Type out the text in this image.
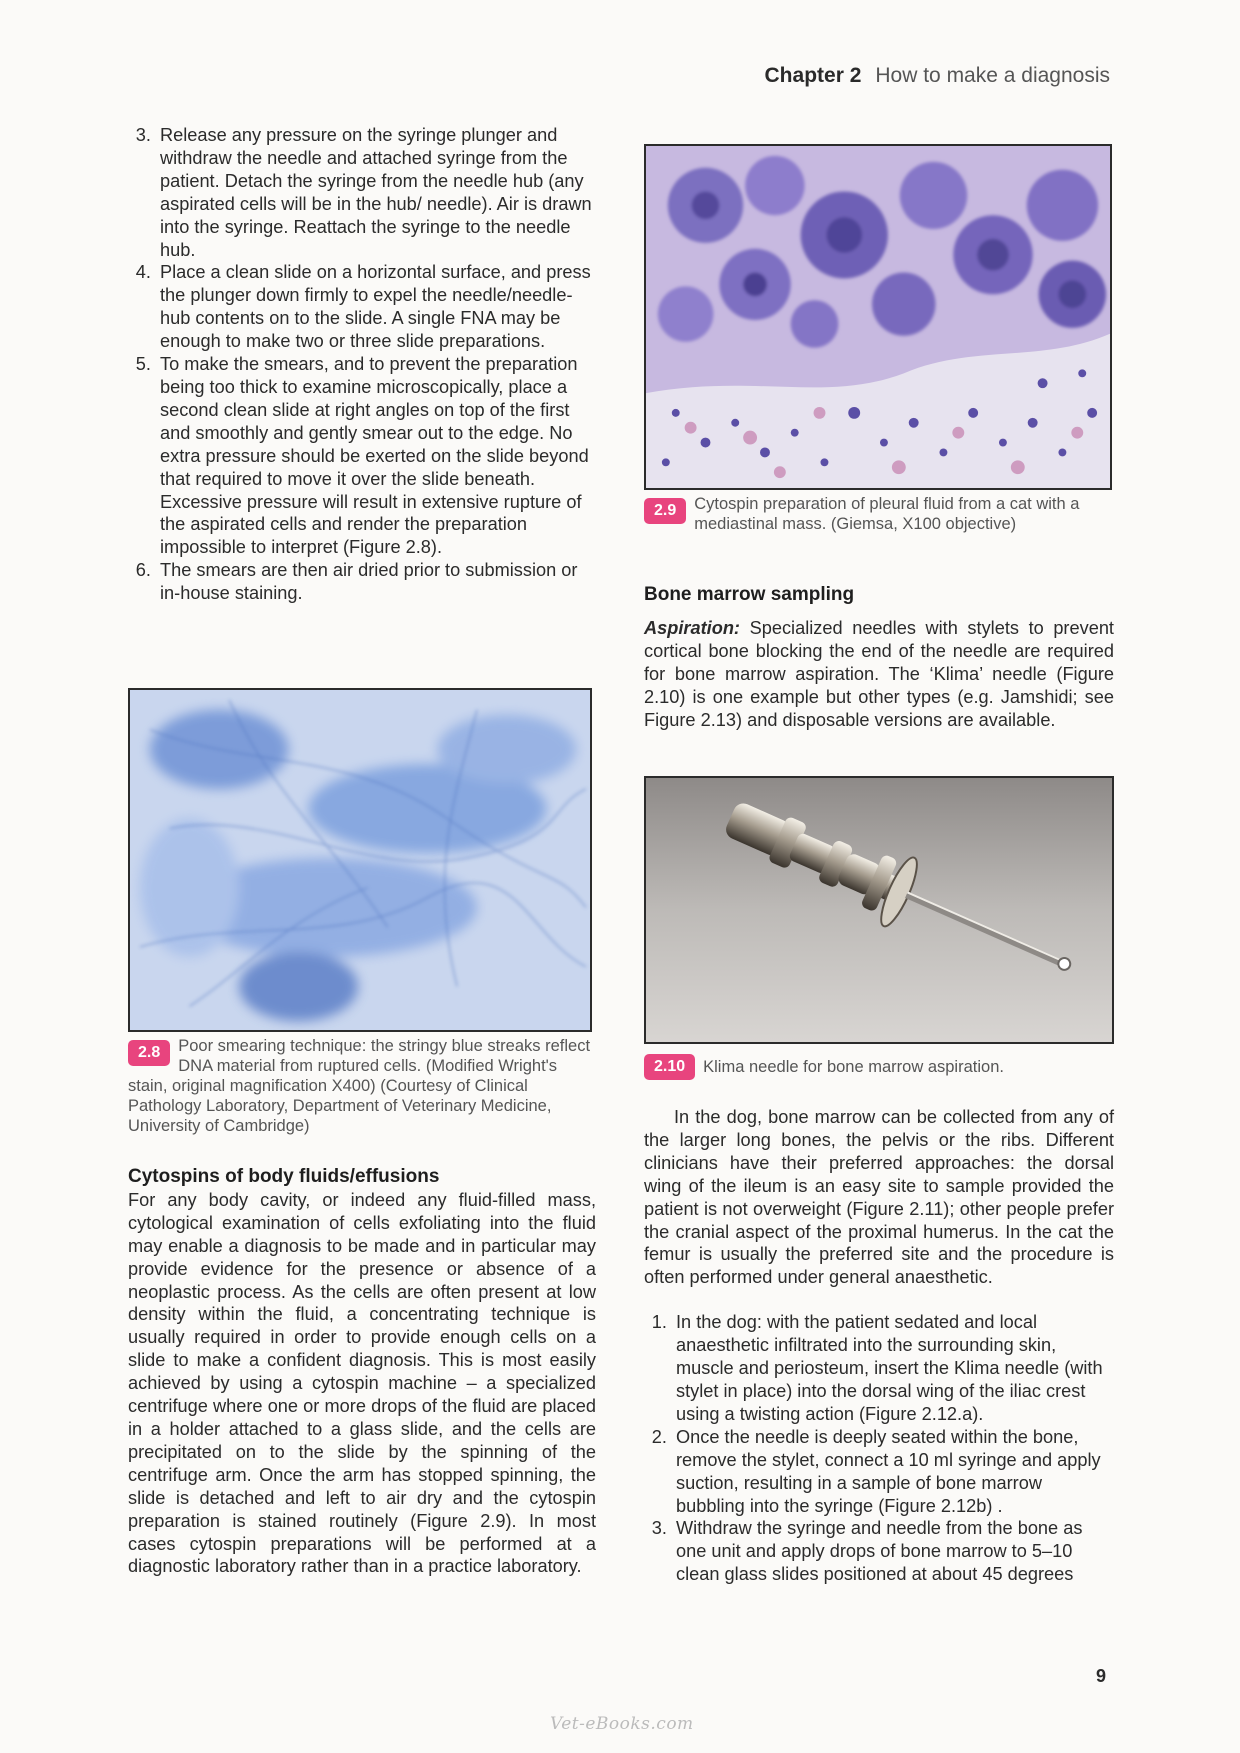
Chapter 2 How to make a diagnosis
3. Release any pressure on the syringe plunger and withdraw the needle and attached syringe from the patient. Detach the syringe from the needle hub (any aspirated cells will be in the hub/ needle). Air is drawn into the syringe. Reattach the syringe to the needle hub.
4. Place a clean slide on a horizontal surface, and press the plunger down firmly to expel the needle/needle-hub contents on to the slide. A single FNA may be enough to make two or three slide preparations.
5. To make the smears, and to prevent the preparation being too thick to examine microscopically, place a second clean slide at right angles on top of the first and smoothly and gently smear out to the edge. No extra pressure should be exerted on the slide beyond that required to move it over the slide beneath. Excessive pressure will result in extensive rupture of the aspirated cells and render the preparation impossible to interpret (Figure 2.8).
6. The smears are then air dried prior to submission or in-house staining.
2.8	Poor smearing technique: the stringy blue streaks reflect DNA material from ruptured cells. (Modified Wright's stain, original magnification X400) (Courtesy of Clinical Pathology Laboratory, Department of Veterinary Medicine, University of Cambridge)
Cytospins of body fluids/effusions

For any body cavity, or indeed any fluid-filled mass, cytological examination of cells exfoliating into the fluid may enable a diagnosis to be made and in particular may provide evidence for the presence or absence of a neoplastic process. As the cells are often present at low density within the fluid, a concentrating technique is usually required in order to provide enough cells on a slide to make a confident diagnosis. This is most easily achieved by using a cytospin machine – a specialized centrifuge where one or more drops of the fluid are placed in a holder attached to a glass slide, and the cells are precipitated on to the slide by the spinning of the centrifuge arm. Once the arm has stopped spinning, the slide is detached and left to air dry and the cytospin preparation is stained routinely (Figure 2.9). In most cases cytospin preparations will be performed at a diagnostic laboratory rather than in a practice laboratory.

2.9	Cytospin preparation of pleural fluid from a cat with a mediastinal mass. (Giemsa, X100 objective)
Bone marrow sampling

Aspiration: Specialized needles with stylets to prevent cortical bone blocking the end of the needle are required for bone marrow aspiration. The ‘Klima’ needle (Figure 2.10) is one example but other types (e.g. Jamshidi; see Figure 2.13) and disposable versions are available.

2.10	Klima needle for bone marrow aspiration.

In the dog, bone marrow can be collected from any of the larger long bones, the pelvis or the ribs. Different clinicians have their preferred approaches: the dorsal wing of the ileum is an easy site to sample provided the patient is not overweight (Figure 2.11); other people prefer the cranial aspect of the proximal humerus. In the cat the femur is usually the preferred site and the procedure is often performed under general anaesthetic.

1. In the dog: with the patient sedated and local anaesthetic infiltrated into the surrounding skin, muscle and periosteum, insert the Klima needle (with stylet in place) into the dorsal wing of the iliac crest using a twisting action (Figure 2.12.a).
2. Once the needle is deeply seated within the bone, remove the stylet, connect a 10 ml syringe and apply suction, resulting in a sample of bone marrow bubbling into the syringe (Figure 2.12b) .
3. Withdraw the syringe and needle from the bone as one unit and apply drops of bone marrow to 5–10 clean glass slides positioned at about 45 degrees
9
Vet-eBooks.com
